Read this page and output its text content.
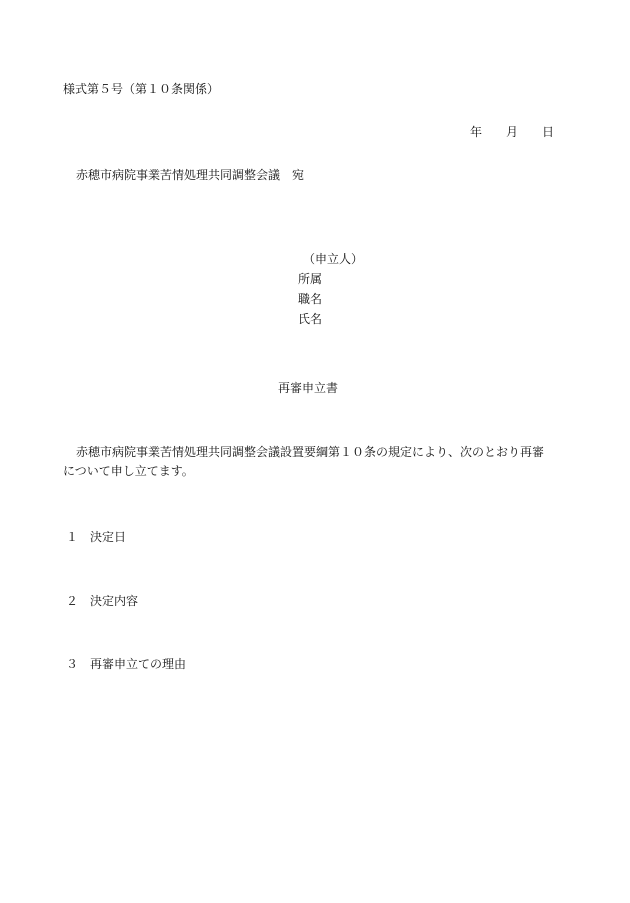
様式第５号（第１０条関係）
年 月 日
赤穂市病院事業苦情処理共同調整会議 宛
（申立人）
所属
職名
氏名
再審申立書
赤穂市病院事業苦情処理共同調整会議設置要綱第１０条の規定により、次のとおり再審
について申し立てます。
１ 決定日
２ 決定内容
３ 再審申立ての理由
